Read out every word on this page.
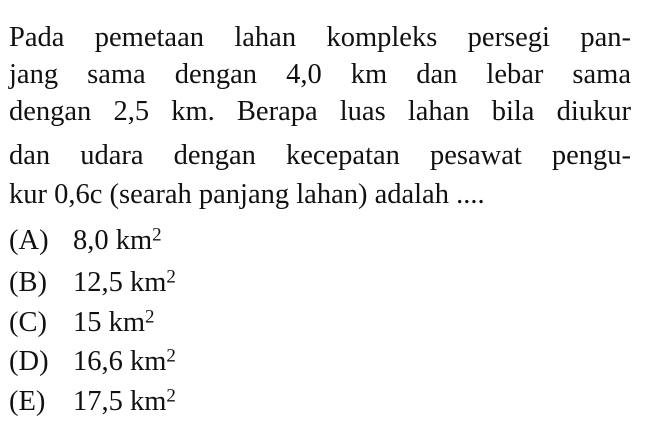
Pada pemetaan lahan kompleks persegi pan-
jang sama dengan 4,0 km dan lebar sama
dengan 2,5 km. Berapa luas lahan bila diukur
dan udara dengan kecepatan pesawat pengu-
kur 0,6c (searah panjang lahan) adalah ....
(A) 8,0 $km^2$
(B) 12,5 $km^2$
(C) 15 $km^2$
(D) 16,6 $km^2$
(E) 17,5 $km^2$
